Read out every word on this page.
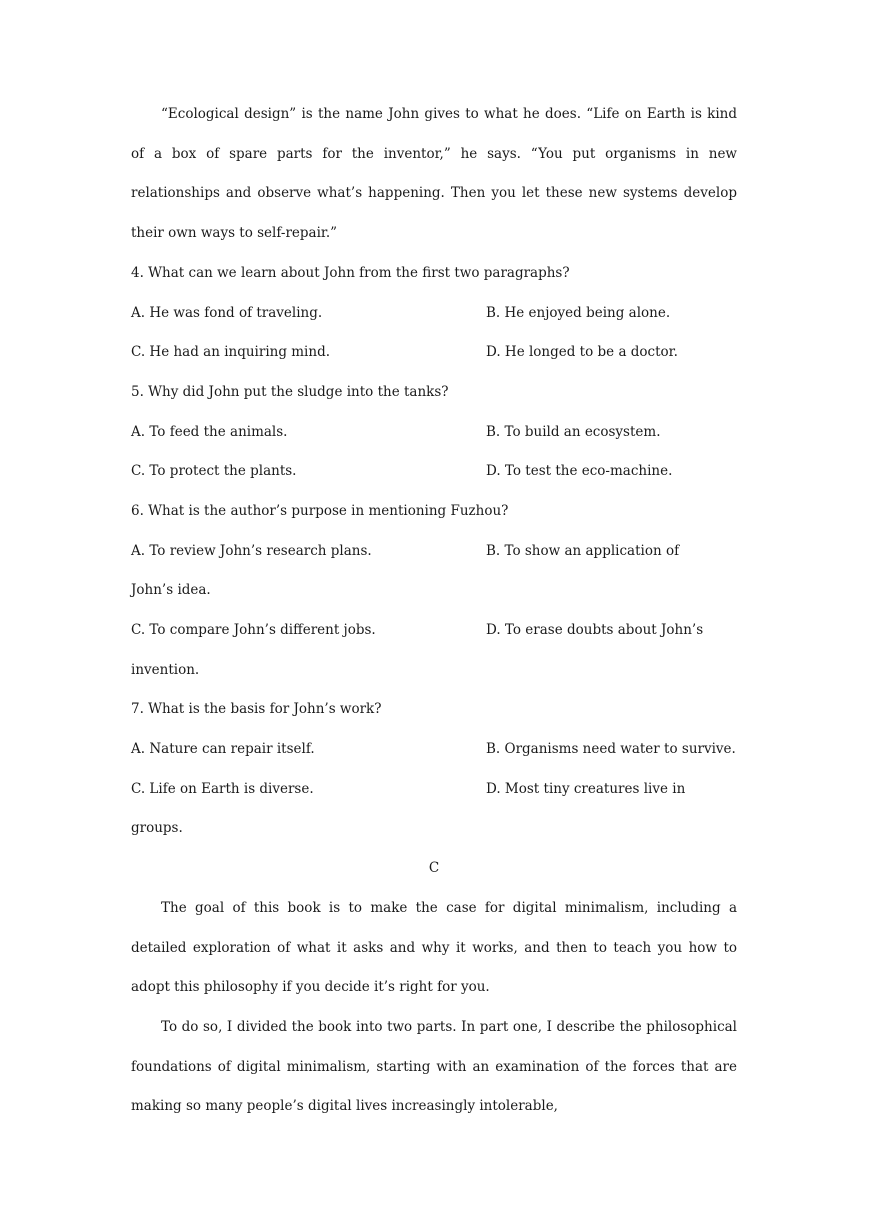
“Ecological design” is the name John gives to what he does. “Life on Earth is kind of a box of spare parts for the inventor,” he says. “You put organisms in new relationships and observe what’s happening. Then you let these new systems develop their own ways to self-repair.”

4. What can we learn about John from the first two paragraphs?
A. He was fond of traveling.	B. He enjoyed being alone.
C. He had an inquiring mind.	D. He longed to be a doctor.
5. Why did John put the sludge into the tanks?
A. To feed the animals.	B. To build an ecosystem.
C. To protect the plants.	D. To test the eco-machine.
6. What is the author’s purpose in mentioning Fuzhou?
A. To review John’s research plans.	B. To show an application of
John’s idea.
C. To compare John’s different jobs.	D. To erase doubts about John’s
invention.
7. What is the basis for John’s work?
A. Nature can repair itself.	B. Organisms need water to survive.
C. Life on Earth is diverse.	D. Most tiny creatures live in
groups.
C

The goal of this book is to make the case for digital minimalism, including a detailed exploration of what it asks and why it works, and then to teach you how to adopt this philosophy if you decide it’s right for you.

To do so, I divided the book into two parts. In part one, I describe the philosophical foundations of digital minimalism, starting with an examination of the forces that are making so many people’s digital lives increasingly intolerable,
